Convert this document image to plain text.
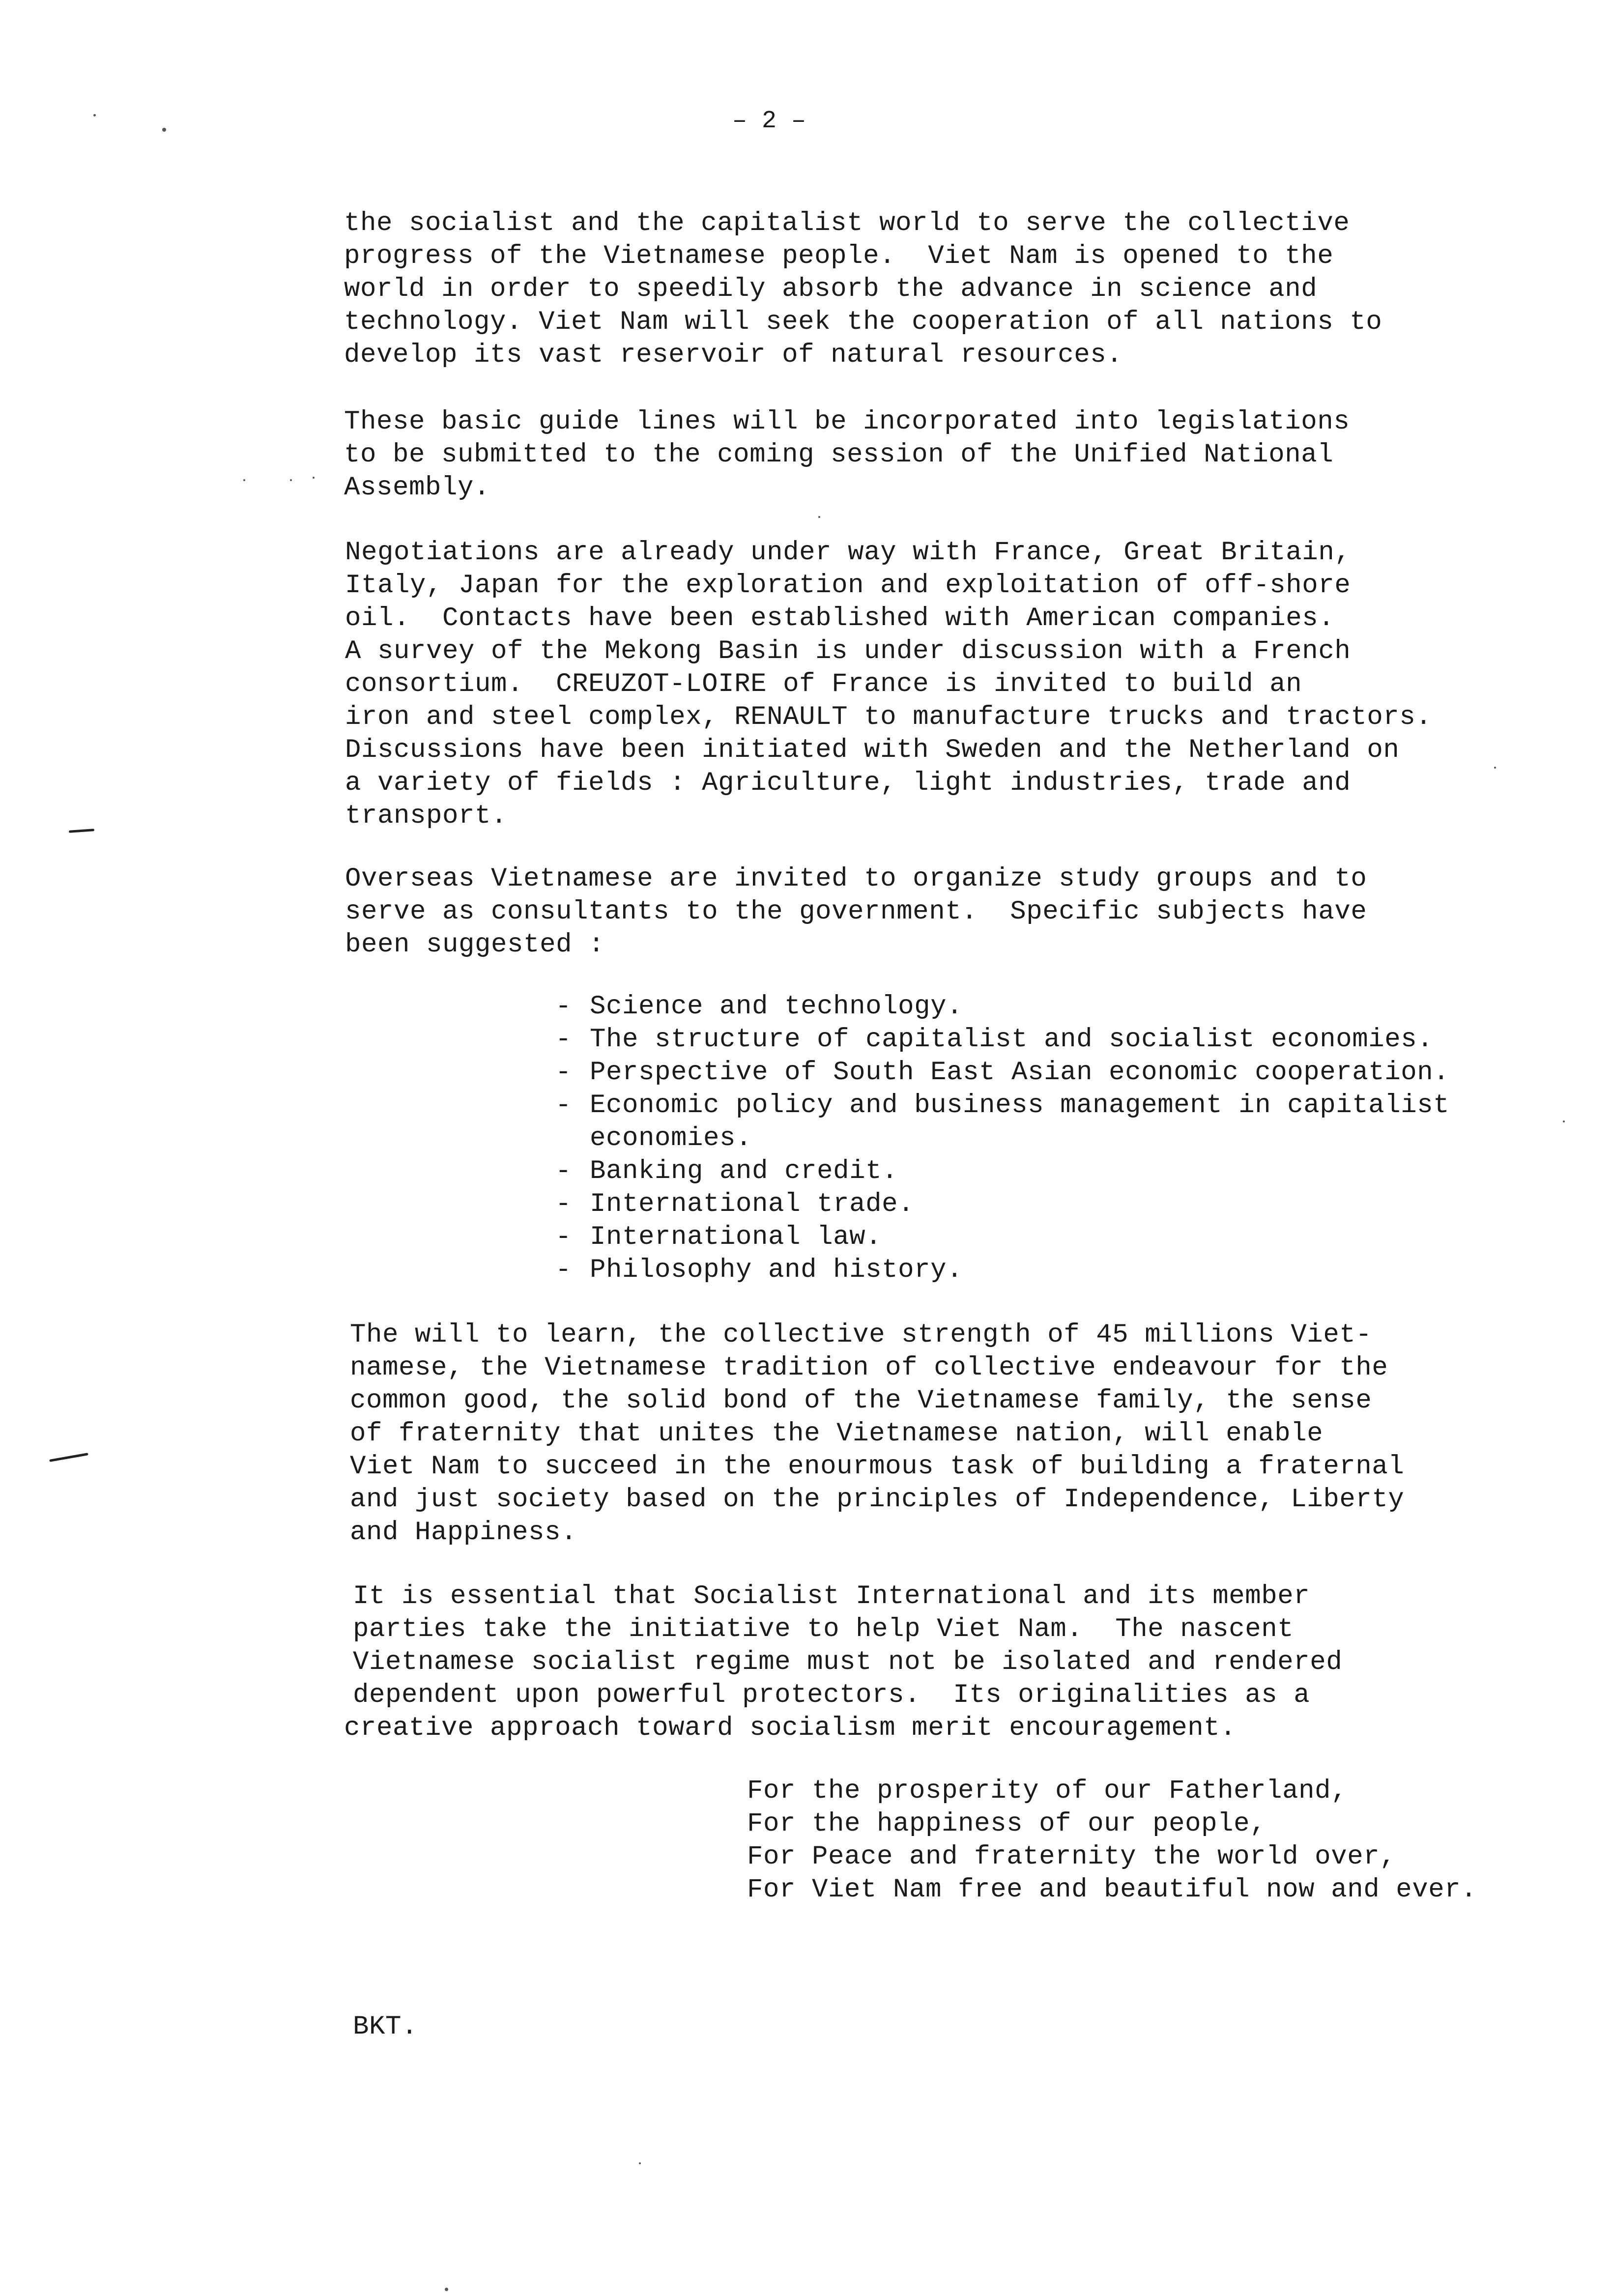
– 2 –
the socialist and the capitalist world to serve the collective
progress of the Vietnamese people.  Viet Nam is opened to the
world in order to speedily absorb the advance in science and
technology. Viet Nam will seek the cooperation of all nations to
develop its vast reservoir of natural resources.
These basic guide lines will be incorporated into legislations
to be submitted to the coming session of the Unified National
Assembly.
Negotiations are already under way with France, Great Britain,
Italy, Japan for the exploration and exploitation of off-shore
oil.  Contacts have been established with American companies.
A survey of the Mekong Basin is under discussion with a French
consortium.  CREUZOT-LOIRE of France is invited to build an
iron and steel complex, RENAULT to manufacture trucks and tractors.
Discussions have been initiated with Sweden and the Netherland on
a variety of fields : Agriculture, light industries, trade and
transport.
Overseas Vietnamese are invited to organize study groups and to
serve as consultants to the government.  Specific subjects have
been suggested :
- Science and technology.
- The structure of capitalist and socialist economies.
- Perspective of South East Asian economic cooperation.
- Economic policy and business management in capitalist
economies.
- Banking and credit.
- International trade.
- International law.
- Philosophy and history.
The will to learn, the collective strength of 45 millions Viet-
namese, the Vietnamese tradition of collective endeavour for the
common good, the solid bond of the Vietnamese family, the sense
of fraternity that unites the Vietnamese nation, will enable
Viet Nam to succeed in the enourmous task of building a fraternal
and just society based on the principles of Independence, Liberty
and Happiness.
It is essential that Socialist International and its member
parties take the initiative to help Viet Nam.  The nascent
Vietnamese socialist regime must not be isolated and rendered
dependent upon powerful protectors.  Its originalities as a
creative approach toward socialism merit encouragement.
For the prosperity of our Fatherland,
For the happiness of our people,
For Peace and fraternity the world over,
For Viet Nam free and beautiful now and ever.
BKT.
